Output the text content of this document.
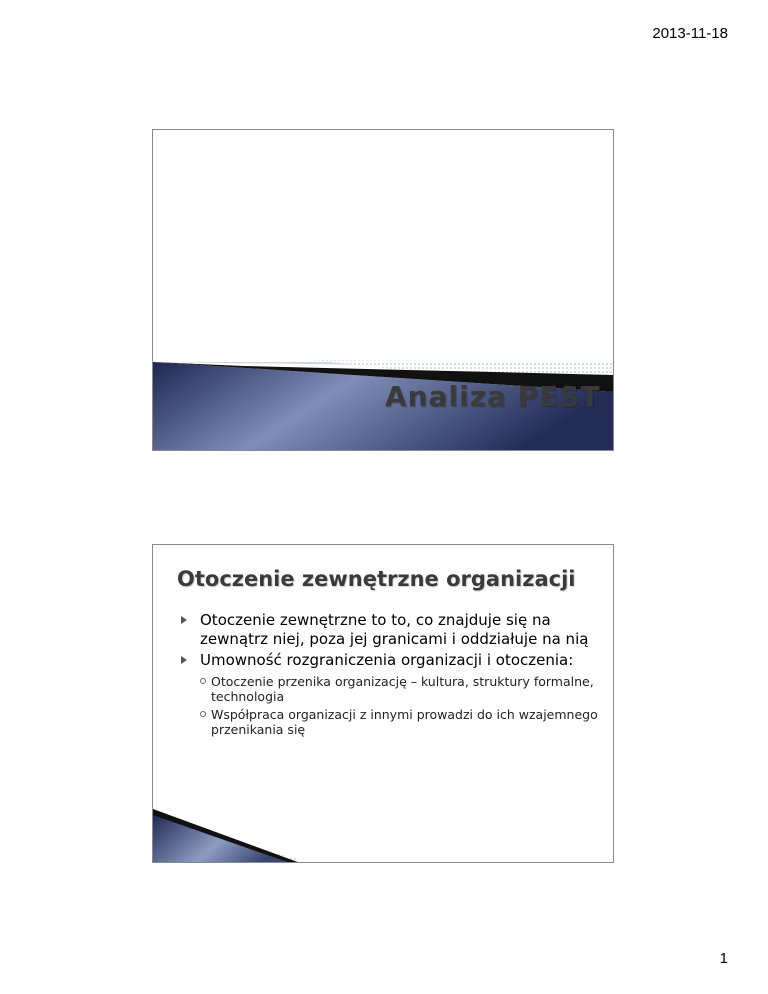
2013-11-18
Analiza PEST
Otoczenie zewnętrzne organizacji
Otoczenie zewnętrzne to to, co znajduje się na zewnątrz niej, poza jej granicami i oddziałuje na nią
Umowność rozgraniczenia organizacji i otoczenia:
Otoczenie przenika organizację – kultura, struktury formalne, technologia
Współpraca organizacji z innymi prowadzi do ich wzajemnego przenikania się
1
